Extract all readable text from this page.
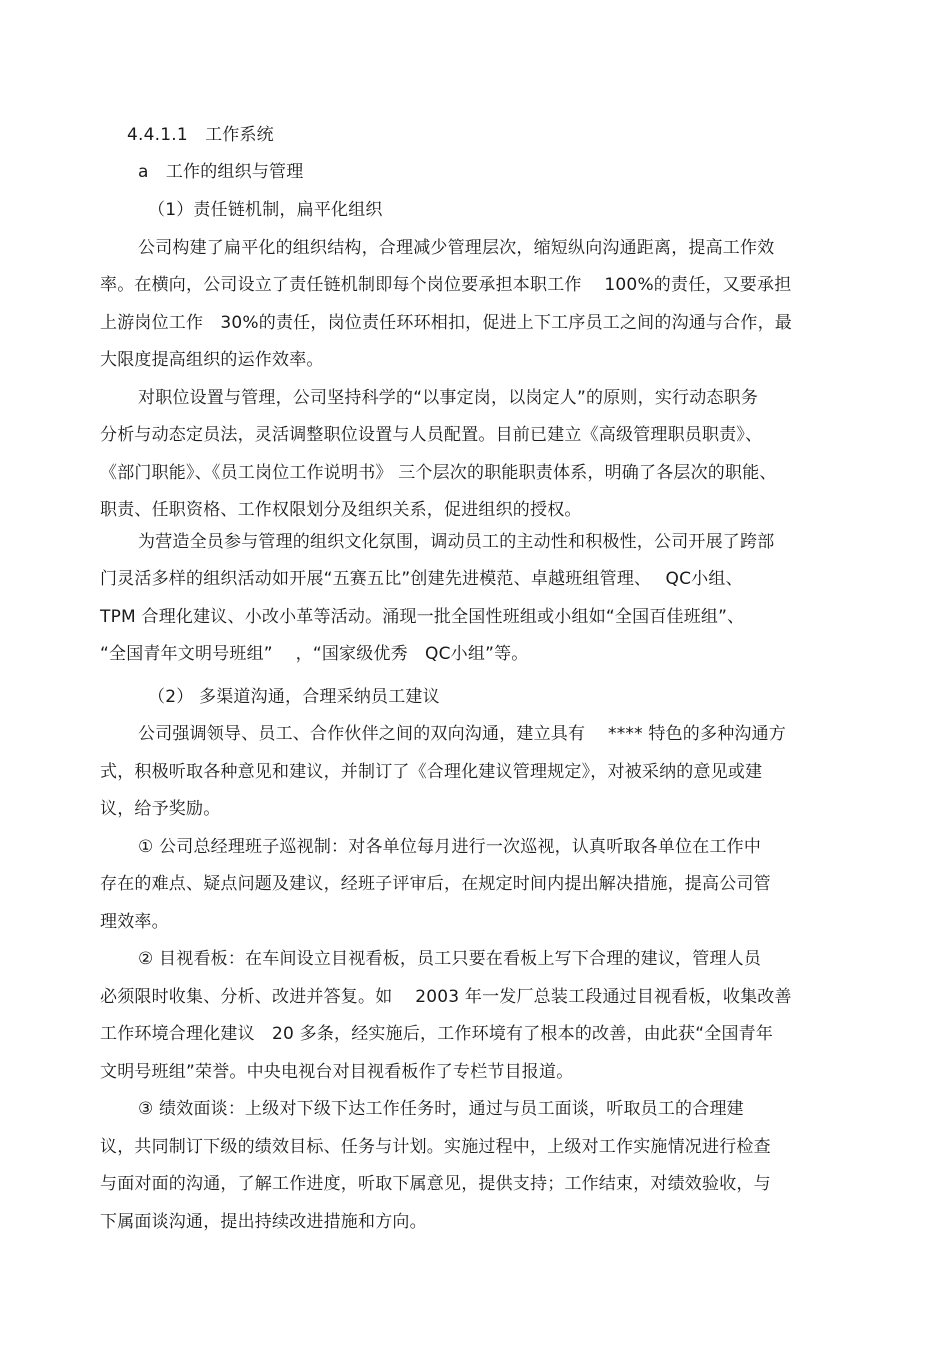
4.4.1.1　工作系统
a　工作的组织与管理
（1）责任链机制，扁平化组织
公司构建了扁平化的组织结构，合理减少管理层次，缩短纵向沟通距离，提高工作效
率。在横向，公司设立了责任链机制即每个岗位要承担本职工作　 100%的责任，又要承担
上游岗位工作　30%的责任，岗位责任环环相扣，促进上下工序员工之间的沟通与合作，最
大限度提高组织的运作效率。
对职位设置与管理，公司坚持科学的“以事定岗，以岗定人”的原则，实行动态职务
分析与动态定员法，灵活调整职位设置与人员配置。目前已建立《高级管理职员职责》、
《部门职能》、《员工岗位工作说明书》 三个层次的职能职责体系，明确了各层次的职能、
职责、任职资格、工作权限划分及组织关系，促进组织的授权。
为营造全员参与管理的组织文化氛围，调动员工的主动性和积极性，公司开展了跨部
门灵活多样的组织活动如开展“五赛五比”创建先进模范、卓越班组管理、　 QC小组、
TPM 合理化建议、小改小革等活动。涌现一批全国性班组或小组如“全国百佳班组”、
“全国青年文明号班组”　 ，“国家级优秀　QC小组”等。
（2） 多渠道沟通，合理采纳员工建议
公司强调领导、员工、合作伙伴之间的双向沟通，建立具有　 **** 特色的多种沟通方
式，积极听取各种意见和建议，并制订了《合理化建议管理规定》，对被采纳的意见或建
议，给予奖励。
① 公司总经理班子巡视制：对各单位每月进行一次巡视，认真听取各单位在工作中
存在的难点、疑点问题及建议，经班子评审后，在规定时间内提出解决措施，提高公司管
理效率。
② 目视看板：在车间设立目视看板，员工只要在看板上写下合理的建议，管理人员
必须限时收集、分析、改进并答复。如　 2003 年一发厂总装工段通过目视看板，收集改善
工作环境合理化建议　20 多条，经实施后，工作环境有了根本的改善，由此获“全国青年
文明号班组”荣誉。中央电视台对目视看板作了专栏节目报道。
③ 绩效面谈：上级对下级下达工作任务时，通过与员工面谈，听取员工的合理建
议，共同制订下级的绩效目标、任务与计划。实施过程中，上级对工作实施情况进行检查
与面对面的沟通，了解工作进度，听取下属意见，提供支持；工作结束，对绩效验收，与
下属面谈沟通，提出持续改进措施和方向。
